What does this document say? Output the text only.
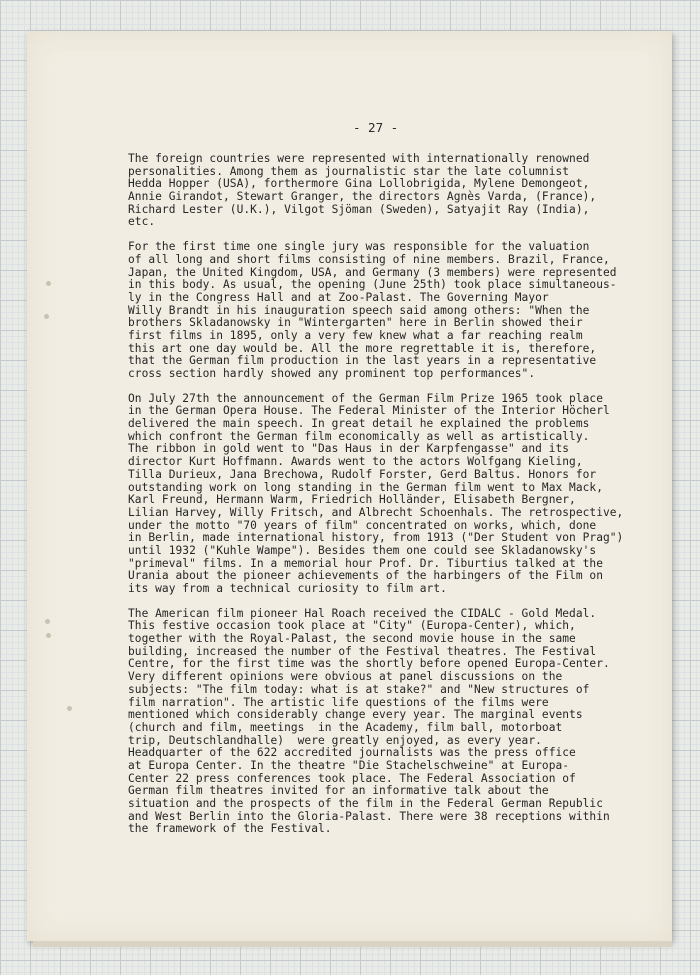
- 27 -
The foreign countries were represented with internationally renowned
personalities. Among them as journalistic star the late columnist
Hedda Hopper (USA), forthermore Gina Lollobrigida, Mylene Demongeot,
Annie Girandot, Stewart Granger, the directors Agnès Varda, (France),
Richard Lester (U.K.), Vilgot Sjöman (Sweden), Satyajit Ray (India),
etc.
For the first time one single jury was responsible for the valuation
of all long and short films consisting of nine members. Brazil, France,
Japan, the United Kingdom, USA, and Germany (3 members) were represented
in this body. As usual, the opening (June 25th) took place simultaneous-
ly in the Congress Hall and at Zoo-Palast. The Governing Mayor
Willy Brandt in his inauguration speech said among others: "When the
brothers Skladanowsky in "Wintergarten" here in Berlin showed their
first films in 1895, only a very few knew what a far reaching realm
this art one day would be. All the more regrettable it is, therefore,
that the German film production in the last years in a representative
cross section hardly showed any prominent top performances".
On July 27th the announcement of the German Film Prize 1965 took place
in the German Opera House. The Federal Minister of the Interior Höcherl
delivered the main speech. In great detail he explained the problems
which confront the German film economically as well as artistically.
The ribbon in gold went to "Das Haus in der Karpfengasse" and its
director Kurt Hoffmann. Awards went to the actors Wolfgang Kieling,
Tilla Durieux, Jana Brechowa, Rudolf Forster, Gerd Baltus. Honors for
outstanding work on long standing in the German film went to Max Mack,
Karl Freund, Hermann Warm, Friedrich Holländer, Elisabeth Bergner,
Lilian Harvey, Willy Fritsch, and Albrecht Schoenhals. The retrospective,
under the motto "70 years of film" concentrated on works, which, done
in Berlin, made international history, from 1913 ("Der Student von Prag")
until 1932 ("Kuhle Wampe"). Besides them one could see Skladanowsky's
"primeval" films. In a memorial hour Prof. Dr. Tiburtius talked at the
Urania about the pioneer achievements of the harbingers of the Film on
its way from a technical curiosity to film art.
The American film pioneer Hal Roach received the CIDALC - Gold Medal.
This festive occasion took place at "City" (Europa-Center), which,
together with the Royal-Palast, the second movie house in the same
building, increased the number of the Festival theatres. The Festival
Centre, for the first time was the shortly before opened Europa-Center.
Very different opinions were obvious at panel discussions on the
subjects: "The film today: what is at stake?" and "New structures of
film narration". The artistic life questions of the films were
mentioned which considerably change every year. The marginal events
(church and film, meetings  in the Academy, film ball, motorboat
trip, Deutschlandhalle)  were greatly enjoyed, as every year.
Headquarter of the 622 accredited journalists was the press office
at Europa Center. In the theatre "Die Stachelschweine" at Europa-
Center 22 press conferences took place. The Federal Association of
German film theatres invited for an informative talk about the
situation and the prospects of the film in the Federal German Republic
and West Berlin into the Gloria-Palast. There were 38 receptions within
the framework of the Festival.
